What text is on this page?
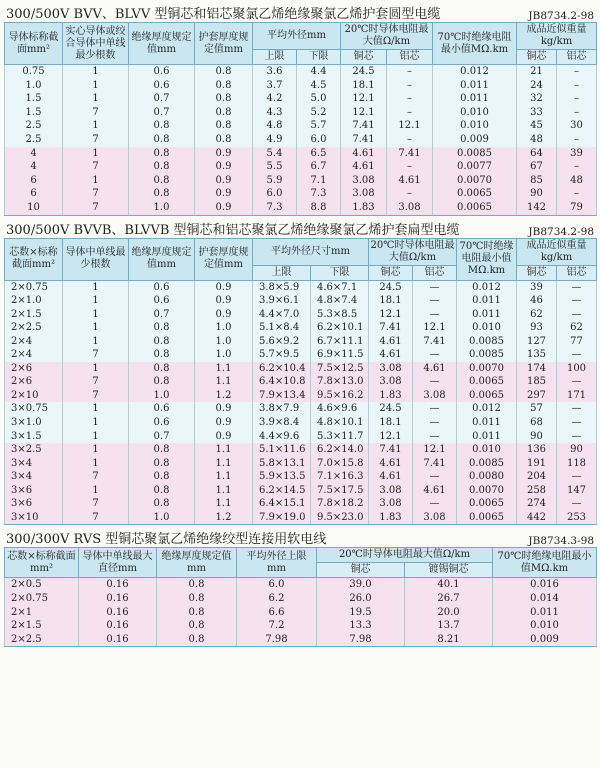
300/500V BVV、BLVV 型铜芯和铝芯聚氯乙烯绝缘聚氯乙烯护套圆型电缆	JB8734.2-98
导体标称截面mm²	实心导体或绞合导体中单线最少根数	绝缘厚度规定值mm	护套厚度规定值mm	平均外径mm		20℃时导体电阻最大值Ω/km		70℃时绝缘电阻最小值MΩ.km	成品近似重量kg/km	
				上限	下限	铜芯	铝芯		铜芯	铝芯
0.75	1	0.6	0.8	3.6	4.4	24.5	–	0.012	21	–
1.0	1	0.6	0.8	3.7	4.5	18.1	–	0.011	24	–
1.5	1	0.7	0.8	4.2	5.0	12.1	–	0.011	32	–
1.5	7	0.7	0.8	4.3	5.2	12.1	–	0.010	33	–
2.5	1	0.8	0.8	4.8	5.7	7.41	12.1	0.010	45	30
2.5	7	0.8	0.8	4.9	6.0	7.41	–	0.009	48	–
4	1	0.8	0.9	5.4	6.5	4.61	7.41	0.0085	64	39
4	7	0.8	0.9	5.5	6.7	4.61	–	0.0077	67	–
6	1	0.8	0.9	5.9	7.1	3.08	4.61	0.0070	85	48
6	7	0.8	0.9	6.0	7.3	3.08	–	0.0065	90	–
10	7	1.0	0.9	7.3	8.8	1.83	3.08	0.0065	142	79
300/500V BVVB、BLVVB 型铜芯和铝芯聚氯乙烯绝缘聚氯乙烯护套扁型电缆	JB8734.2-98
芯数×标称截面mm²	导体中单线最少根数	绝缘厚度规定值mm	护套厚度规定值mm	平均外径尺寸mm		20℃时导体电阻最大值Ω/km		70℃时绝缘电阻最小值MΩ.km	成品近似重量kg/km	
				上限	下限	铜芯	铝芯		铜芯	铝芯
2×0.75	1	0.6	0.9	3.8×5.9	4.6×7.1	24.5	—	0.012	39	—
2×1.0	1	0.6	0.9	3.9×6.1	4.8×7.4	18.1	—	0.011	46	—
2×1.5	1	0.7	0.9	4.4×7.0	5.3×8.5	12.1	—	0.011	62	—
2×2.5	1	0.8	1.0	5.1×8.4	6.2×10.1	7.41	12.1	0.010	93	62
2×4	1	0.8	1.0	5.6×9.2	6.7×11.1	4.61	7.41	0.0085	127	77
2×4	7	0.8	1.0	5.7×9.5	6.9×11.5	4.61	—	0.0085	135	—
2×6	1	0.8	1.1	6.2×10.4	7.5×12.5	3.08	4.61	0.0070	174	100
2×6	7	0.8	1.1	6.4×10.8	7.8×13.0	3.08	—	0.0065	185	—
2×10	7	1.0	1.2	7.9×13.4	9.5×16.2	1.83	3.08	0.0065	297	171
3×0.75	1	0.6	0.9	3.8×7.9	4.6×9.6	24.5	—	0.012	57	—
3×1.0	1	0.6	0.9	3.9×8.4	4.8×10.1	18.1	—	0.011	68	—
3×1.5	1	0.7	0.9	4.4×9.6	5.3×11.7	12.1	—	0.011	90	—
3×2.5	1	0.8	1.1	5.1×11.6	6.2×14.0	7.41	12.1	0.010	136	90
3×4	1	0.8	1.1	5.8×13.1	7.0×15.8	4.61	7.41	0.0085	191	118
3×4	7	0.8	1.1	5.9×13.5	7.1×16.3	4.61	—	0.0080	204	—
3×6	1	0.8	1.1	6.2×14.5	7.5×17.5	3.08	4.61	0.0070	258	147
3×6	7	0.8	1.1	6.4×15.1	7.8×18.2	3.08	—	0.0065	274	—
3×10	7	1.0	1.2	7.9×19.0	9.5×23.0	1.83	3.08	0.0065	442	253
300/300V RVS 型铜芯聚氯乙烯绝缘绞型连接用软电线	JB8734.3-98
芯数×标称截面mm²	导体中单线最大直径mm	绝缘厚度规定值mm	平均外径上限mm	20℃时导体电阻最大值Ω/km		70℃时绝缘电阻最小值MΩ.km
				铜芯	镀锡铜芯	
2×0.5	0.16	0.8	6.0	39.0	40.1	0.016
2×0.75	0.16	0.8	6.2	26.0	26.7	0.014
2×1	0.16	0.8	6.6	19.5	20.0	0.011
2×1.5	0.16	0.8	7.2	13.3	13.7	0.010
2×2.5	0.16	0.8	7.98	7.98	8.21	0.009
